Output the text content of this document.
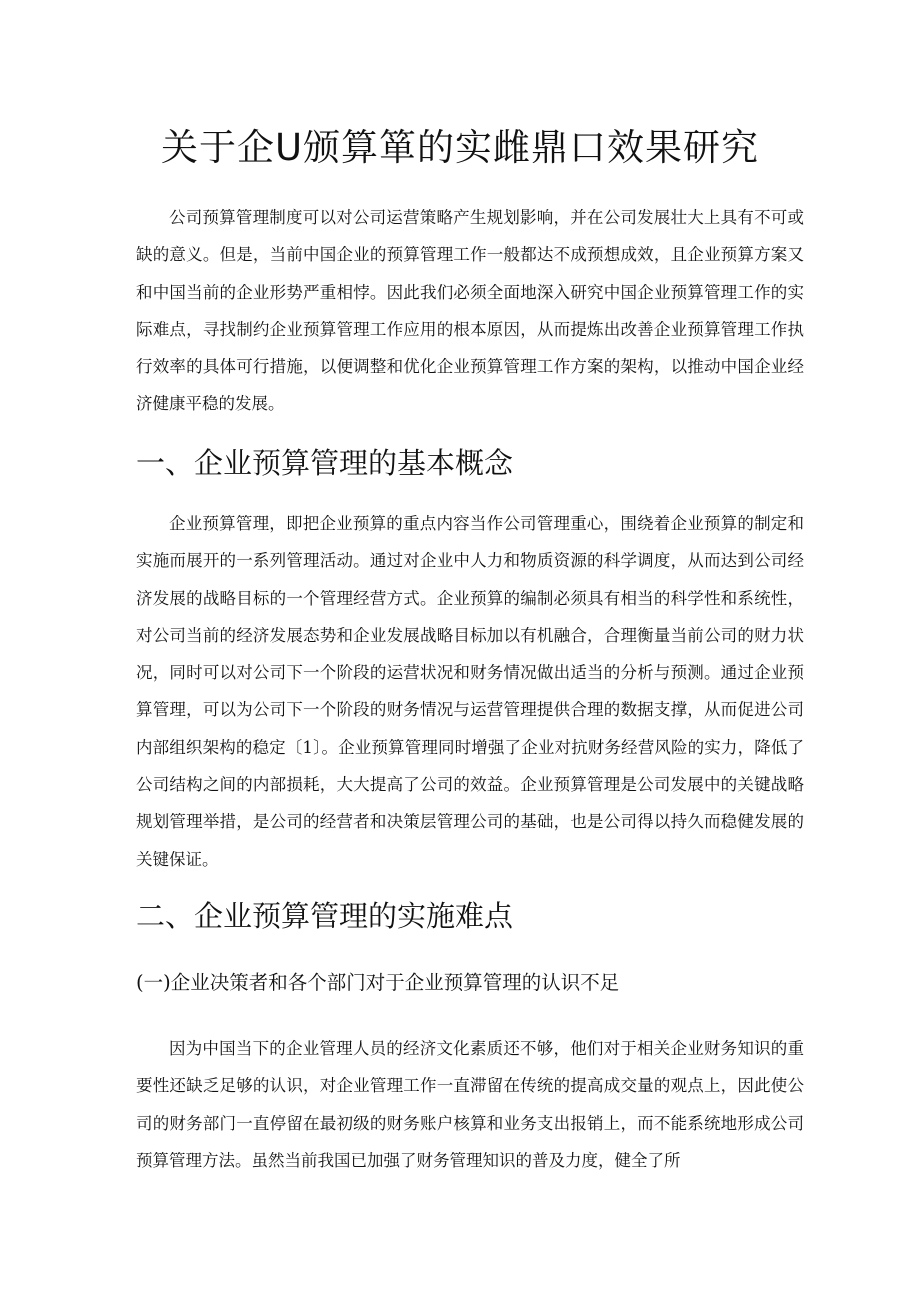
关于企U颁算箪的实雌鼎口效果研究

公司预算管理制度可以对公司运营策略产生规划影响，并在公司发展壮大上具有不可或缺的意义。但是，当前中国企业的预算管理工作一般都达不成预想成效，且企业预算方案又和中国当前的企业形势严重相悖。因此我们必须全面地深入研究中国企业预算管理工作的实际难点，寻找制约企业预算管理工作应用的根本原因，从而提炼出改善企业预算管理工作执行效率的具体可行措施，以便调整和优化企业预算管理工作方案的架构，以推动中国企业经济健康平稳的发展。

一、企业预算管理的基本概念

企业预算管理，即把企业预算的重点内容当作公司管理重心，围绕着企业预算的制定和实施而展开的一系列管理活动。通过对企业中人力和物质资源的科学调度，从而达到公司经济发展的战略目标的一个管理经营方式。企业预算的编制必须具有相当的科学性和系统性，对公司当前的经济发展态势和企业发展战略目标加以有机融合，合理衡量当前公司的财力状况，同时可以对公司下一个阶段的运营状况和财务情况做出适当的分析与预测。通过企业预算管理，可以为公司下一个阶段的财务情况与运营管理提供合理的数据支撑，从而促进公司内部组织架构的稳定〔1〕。企业预算管理同时增强了企业对抗财务经营风险的实力，降低了公司结构之间的内部损耗，大大提高了公司的效益。企业预算管理是公司发展中的关键战略规划管理举措，是公司的经营者和决策层管理公司的基础，也是公司得以持久而稳健发展的关键保证。

二、企业预算管理的实施难点
(一)企业决策者和各个部门对于企业预算管理的认识不足

因为中国当下的企业管理人员的经济文化素质还不够，他们对于相关企业财务知识的重要性还缺乏足够的认识，对企业管理工作一直滞留在传统的提高成交量的观点上，因此使公司的财务部门一直停留在最初级的财务账户核算和业务支出报销上，而不能系统地形成公司预算管理方法。虽然当前我国已加强了财务管理知识的普及力度，健全了所
